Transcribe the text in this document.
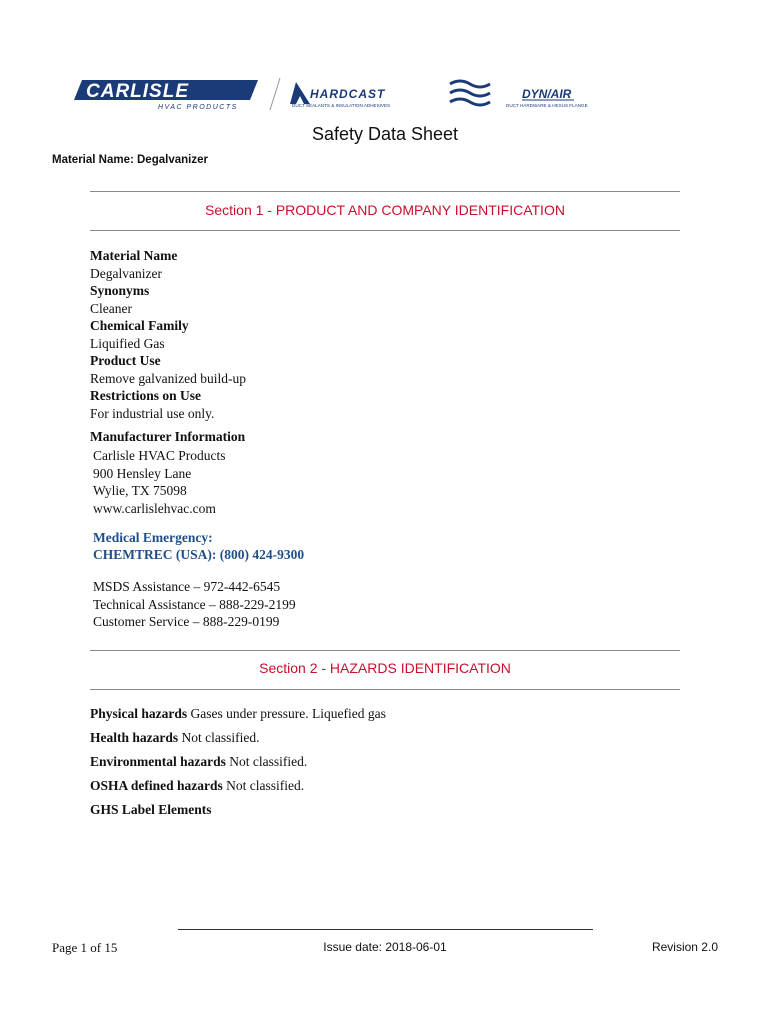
CARLISLE
HVAC PRODUCTS
HARDCAST
DUCT SEALANTS & INSULATION ADHESIVES
DYN/AIR
DUCT HARDWARE & HEXUS FLANGE
Safety Data Sheet
Material Name: Degalvanizer
Section 1 - PRODUCT AND COMPANY IDENTIFICATION
Material Name
Degalvanizer
Synonyms
Cleaner
Chemical Family
Liquified Gas
Product Use
Remove galvanized build-up
Restrictions on Use
For industrial use only.
Manufacturer Information
Carlisle HVAC Products
900 Hensley Lane
Wylie, TX 75098
www.carlislehvac.com
Medical Emergency:
CHEMTREC (USA): (800) 424-9300
MSDS Assistance – 972-442-6545
Technical Assistance – 888-229-2199
Customer Service – 888-229-0199
Section 2 - HAZARDS IDENTIFICATION
Physical hazards Gases under pressure. Liquefied gas
Health hazards Not classified.
Environmental hazards Not classified.
OSHA defined hazards Not classified.
GHS Label Elements
Page 1 of 15	Issue date: 2018-06-01	Revision 2.0
